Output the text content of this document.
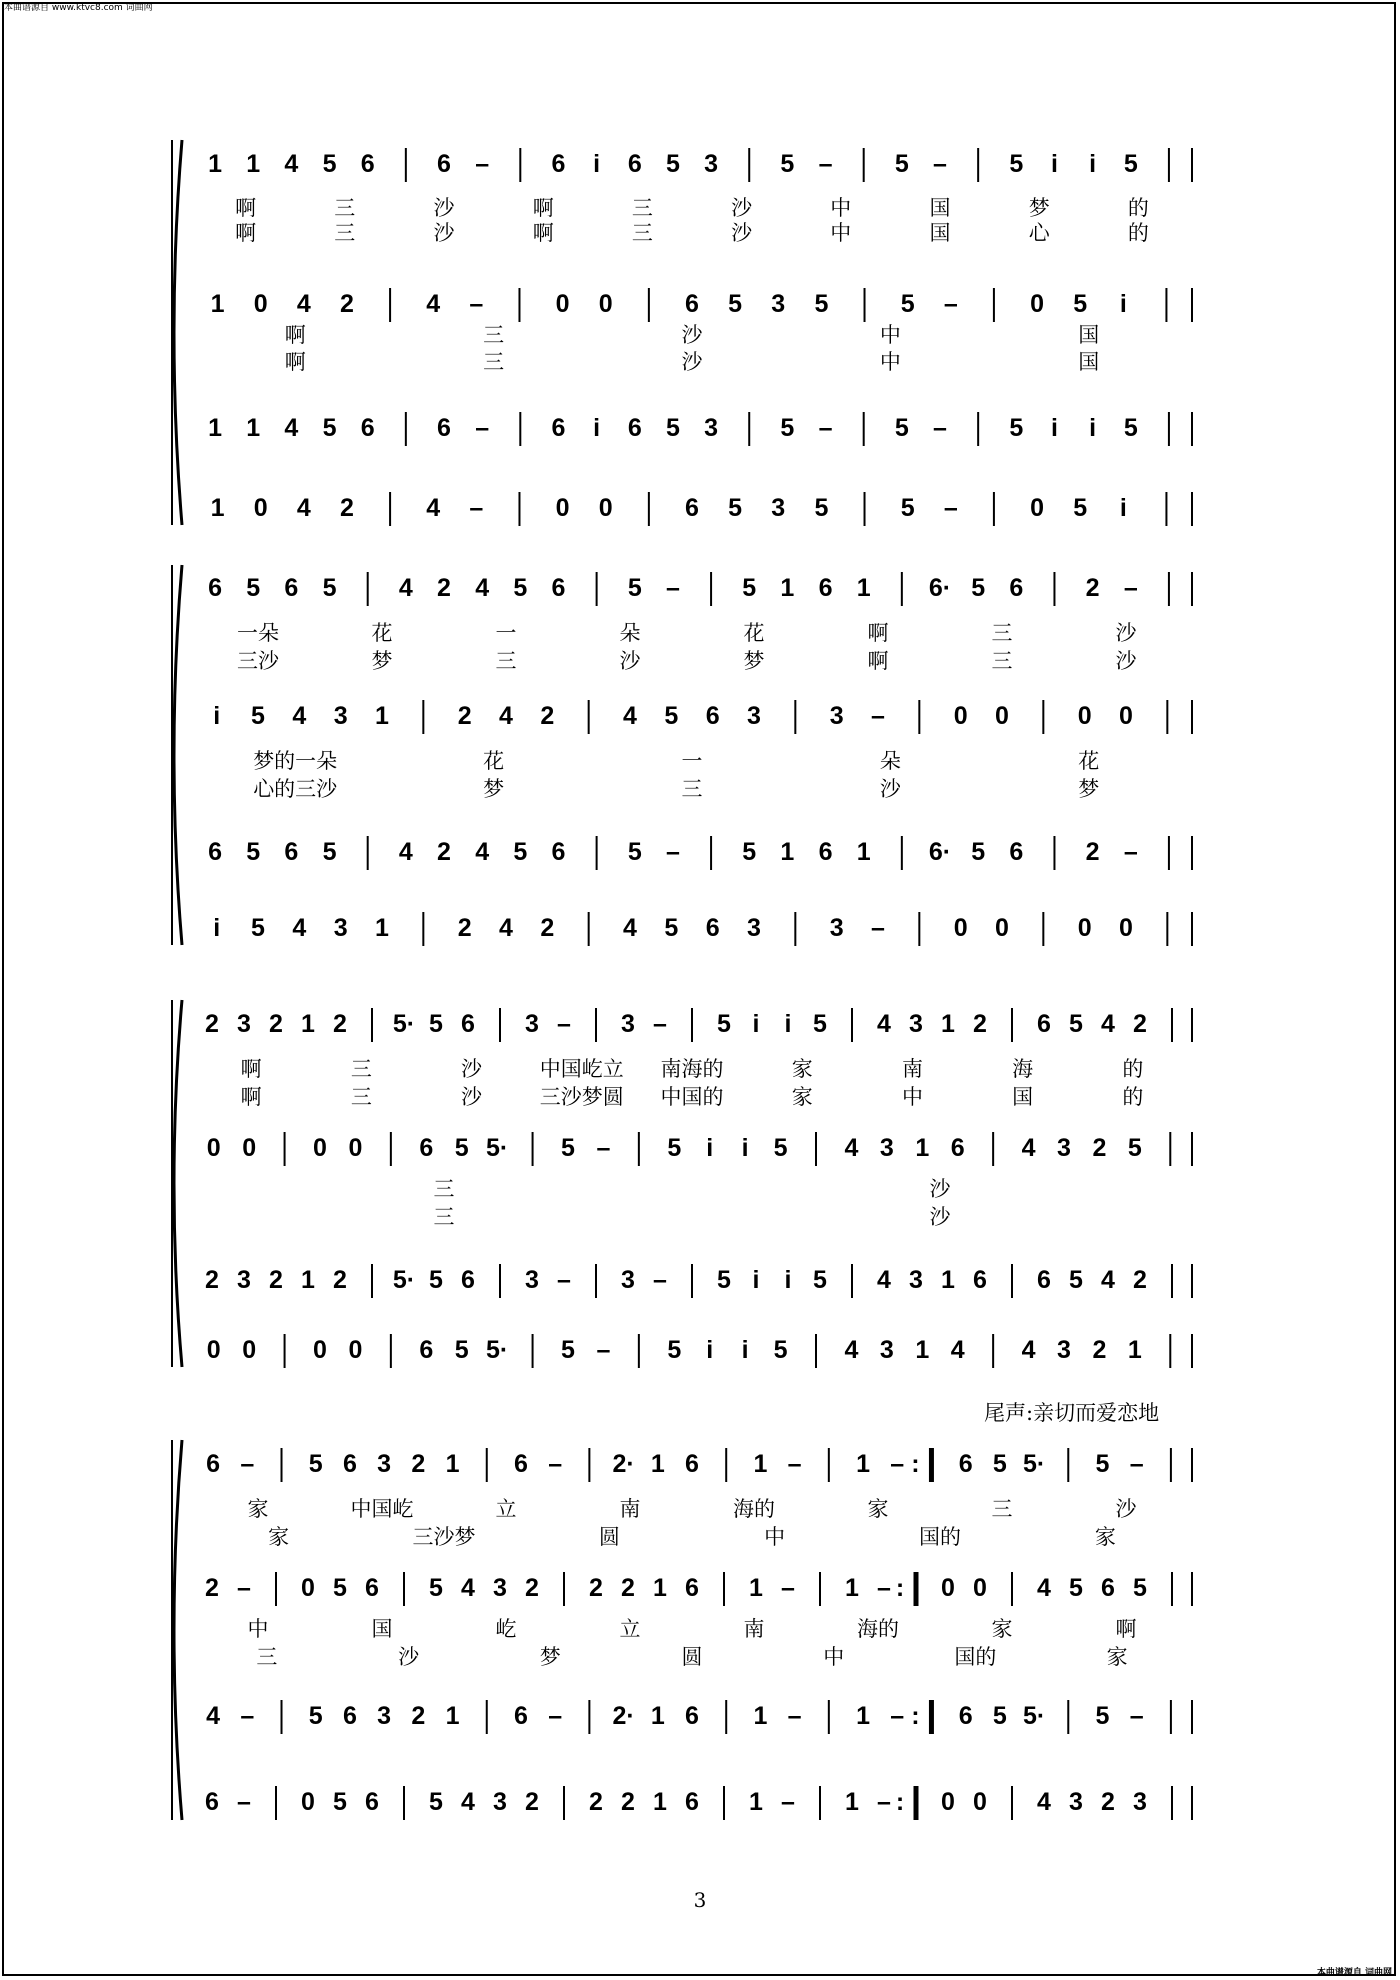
本曲谱源自 www.ktvc8.com 词曲网
本曲谱源自 词曲网
尾声:亲切而爱恋地
3
1 1 4 5 6 6 – 6 i 6 5 3 5 – 5 – 5 i i 5
啊	三	沙	啊	三	沙	中	国	梦	的
啊	三	沙	啊	三	沙	中	国	心	的
1 0 4 2	4 –	0 0	6 5 3 5	5 –	0 5 i
啊	三	沙	中	国
啊	三	沙	中	国
1 1 4 5 6 6 – 6 i 6 5 3 5 – 5 – 5 i i 5
1 0 4 2	4 –	0 0	6 5 3 5	5 –	0 5 i
6 5 6 5 4 2 4 5 6 5 – 5 1 6 1 6· 5 6 2 –
一朵	花	一	朵	花	啊	三	沙
三沙	梦	三	沙	梦	啊	三	沙
i 5 4 3 1	2 4 2	4 5 6 3	3 –	0 0	0 0
梦的一朵	花	一	朵	花
心的三沙	梦	三	沙	梦
6 5 6 5 4 2 4 5 6 5 – 5 1 6 1 6· 5 6 2 –
i 5 4 3 1	2 4 2	4 5 6 3	3 –	0 0	0 0
2 3 2 1 2 5· 5 6 3 – 3 – 5 i i 5 4 3 1 2 6 5 4 2
啊	三	沙	中国屹立 南海的	家	南	海	的
啊	三	沙	三沙梦圆 中国的	家	中	国	的
0 0 0 0 6 5 5· 5 – 5 i i 5 4 3 1 6 4 3 2 5
三	沙
三	沙
2 3 2 1 2 5· 5 6 3 – 3 – 5 i i 5 4 3 1 6 6 5 4 2
0 0 0 0 6 5 5· 5 – 5 i i 5 4 3 1 4 4 3 2 1
6 – 5 6 3 2 1 6 – 2· 1 6 1 – 1 – : 6 5 5· 5 –
家	中国屹	立	南	海的	家	三	沙
家	三沙梦	圆	中	国的	家
2 – 0 5 6 5 4 3 2 2 2 1 6 1 – 1 – : 0 0 4 5 6 5
中	国	屹	立	南	海的	家	啊
三	沙	梦	圆	中	国的	家
4 – 5 6 3 2 1 6 – 2· 1 6 1 – 1 – : 6 5 5· 5 –
6 – 0 5 6 5 4 3 2 2 2 1 6 1 – 1 – : 0 0 4 3 2 3
